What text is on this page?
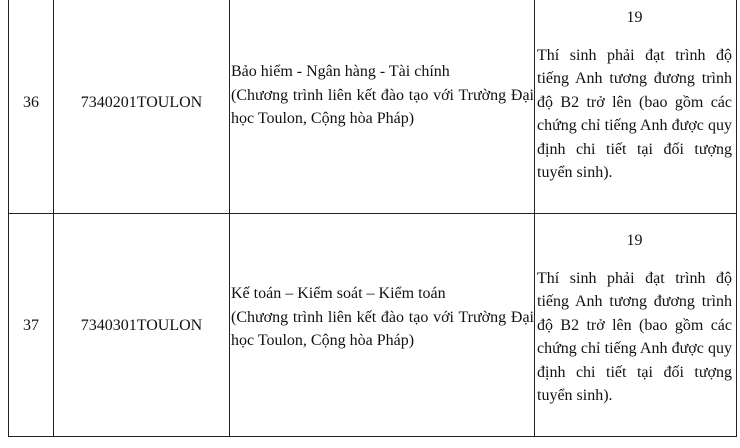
36	7340201TOULON
Bảo hiểm - Ngân hàng - Tài chính
(Chương trình liên kết đào tạo với Trường Đại học Toulon, Cộng hòa Pháp)
19
Thí sinh phải đạt trình độ tiếng Anh tương đương trình độ B2 trở lên (bao gồm các chứng chỉ tiếng Anh được quy định chi tiết tại đối tượng tuyển sinh).
37	7340301TOULON
Kế toán – Kiểm soát – Kiểm toán
(Chương trình liên kết đào tạo với Trường Đại học Toulon, Cộng hòa Pháp)
19
Thí sinh phải đạt trình độ tiếng Anh tương đương trình độ B2 trở lên (bao gồm các chứng chỉ tiếng Anh được quy định chi tiết tại đối tượng tuyển sinh).
